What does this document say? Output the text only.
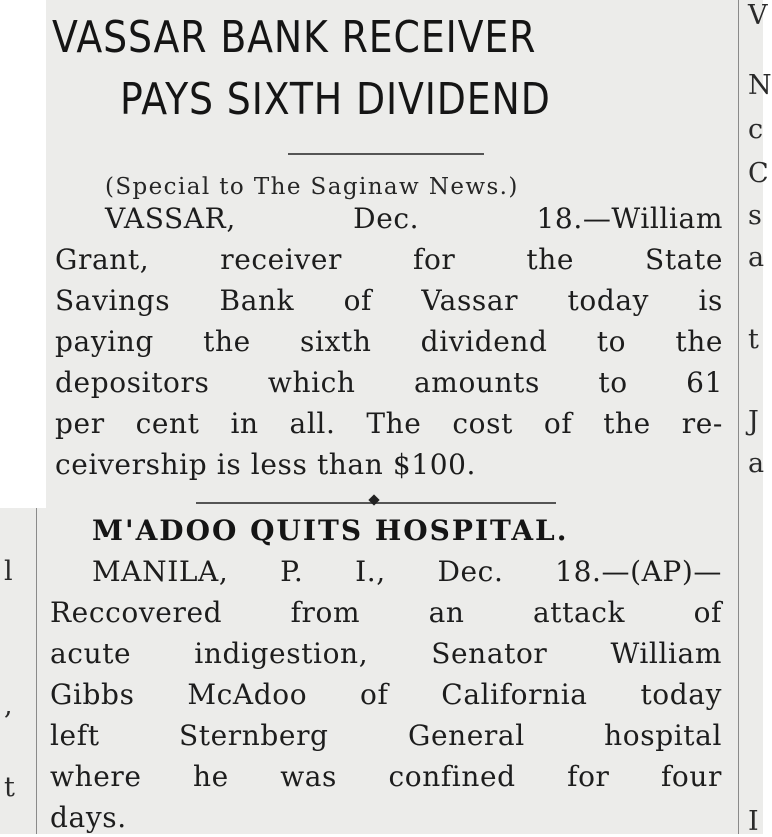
l
,
t
V
N
c
C
s
a
t
J
a
I
VASSAR BANK RECEIVER
PAYS SIXTH DIVIDEND
(Special to The Saginaw News.)
VASSAR, Dec. 18.—William
Grant, receiver for the State
Savings Bank of Vassar today is
paying the sixth dividend to the
depositors which amounts to 61
per cent in all. The cost of the re-
ceivership is less than $100.
M'ADOO QUITS HOSPITAL.
MANILA, P. I., Dec. 18.—(AP)—
Reccovered from an attack of
acute indigestion, Senator William
Gibbs McAdoo of California today
left Sternberg General hospital
where he was confined for four
days.
